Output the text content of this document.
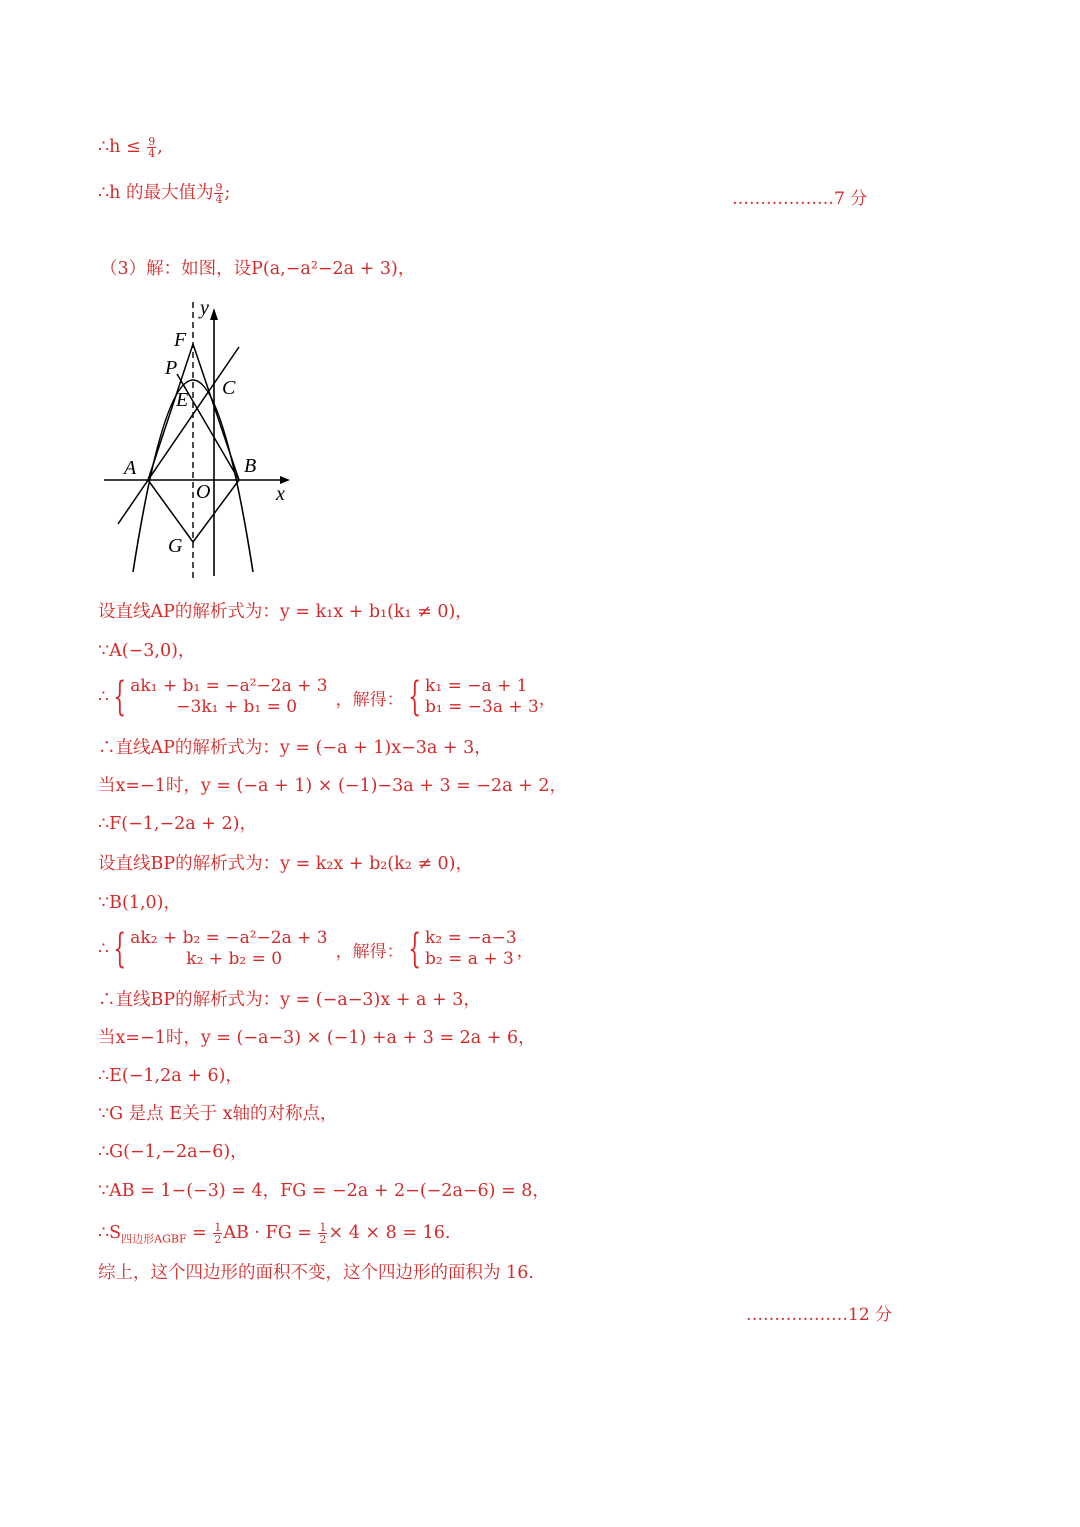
∴h ≤ $\frac{9}{4}$ ,
∴h 的最大值为 $\frac{9}{4}$ ;	………………7 分
（3）解：如图，设P(a,−a²−2a + 3)，
y
F
P
C
E
A	B
O	x
G
设直线AP的解析式为：y = k₁x + b₁(k₁ ≠ 0)，
∵A(−3,0)，
∴ { ak₁ + b₁ = −a²−2a + 3
−3k₁ + b₁ = 0	，解得： { k₁ = −a + 1
b₁ = −3a + 3 ，
∴直线AP的解析式为：y = (−a + 1)x−3a + 3，
当x=−1时，y = (−a + 1) × (−1)−3a + 3 = −2a + 2，
∴F(−1,−2a + 2)，
设直线BP的解析式为：y = k₂x + b₂(k₂ ≠ 0)，
∵B(1,0)，
∴ { ak₂ + b₂ = −a²−2a + 3
k₂ + b₂ = 0	，解得： { k₂ = −a−3
b₂ = a + 3 ，
∴直线BP的解析式为：y = (−a−3)x + a + 3，
当x=−1时，y = (−a−3) × (−1) +a + 3 = 2a + 6，
∴E(−1,2a + 6)，
∵G 是点 E关于 x轴的对称点，
∴G(−1,−2a−6)，
∵AB = 1−(−3) = 4，FG = −2a + 2−(−2a−6) = 8，
$\therefore S_{四边形AGBF} = \frac{1}{2}$ AB · FG = $\frac{1}{2} \times 4 \times 8 = 16$.
综上，这个四边形的面积不变，这个四边形的面积为 16.
………………12 分
